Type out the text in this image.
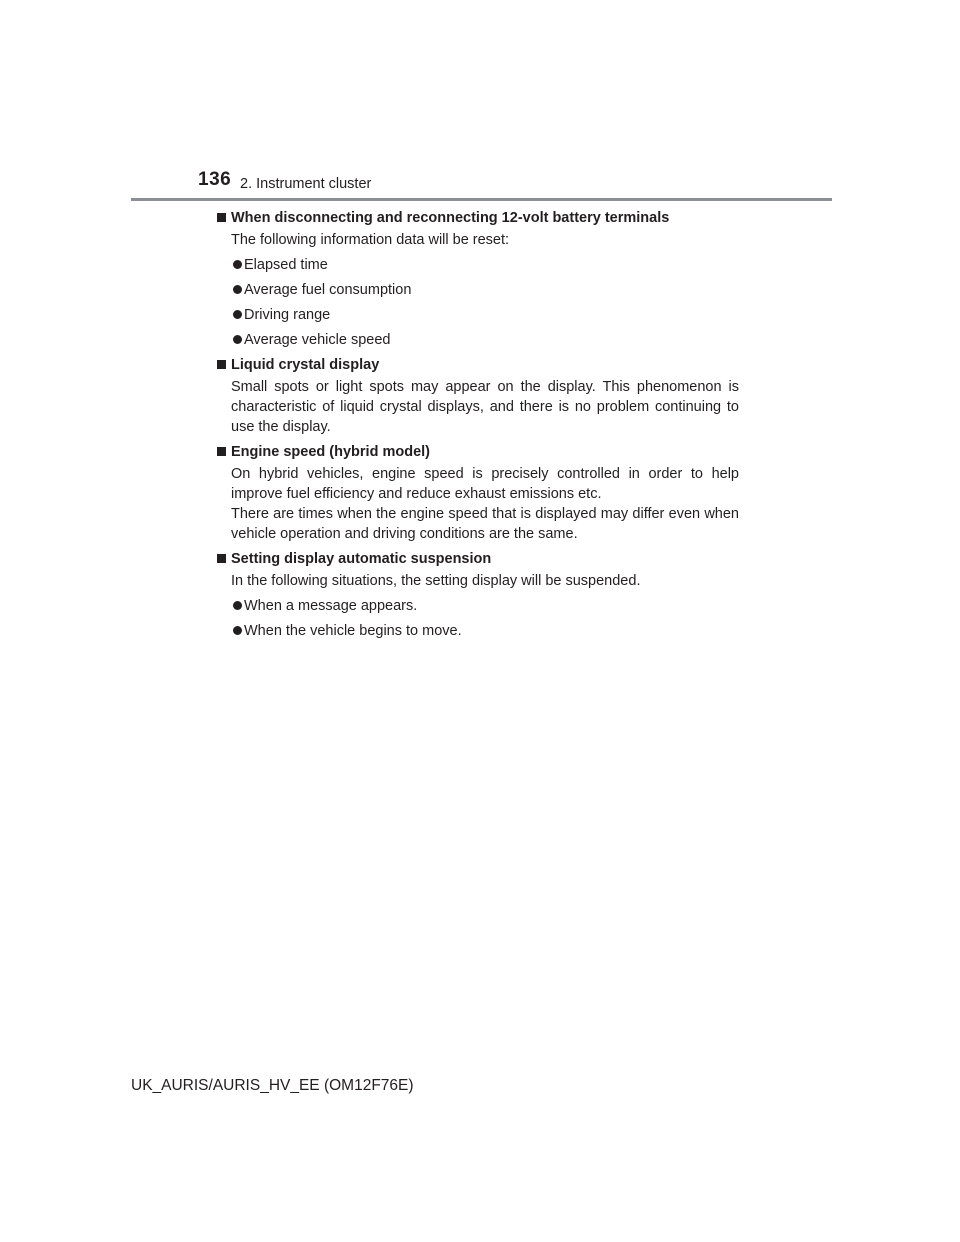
136 2. Instrument cluster
When disconnecting and reconnecting 12-volt battery terminals
The following information data will be reset:
Elapsed time
Average fuel consumption
Driving range
Average vehicle speed
Liquid crystal display
Small spots or light spots may appear on the display. This phenomenon is characteristic of liquid crystal displays, and there is no problem continuing to use the display.
Engine speed (hybrid model)
On hybrid vehicles, engine speed is precisely controlled in order to help improve fuel efficiency and reduce exhaust emissions etc.
There are times when the engine speed that is displayed may differ even when vehicle operation and driving conditions are the same.
Setting display automatic suspension
In the following situations, the setting display will be suspended.
When a message appears.
When the vehicle begins to move.
UK_AURIS/AURIS_HV_EE (OM12F76E)
